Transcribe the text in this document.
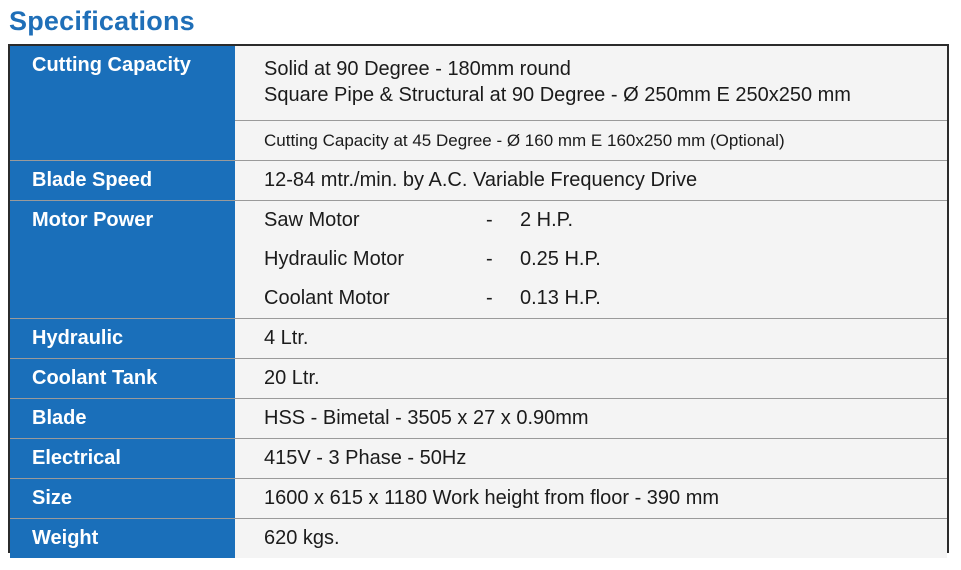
Specifications
Cutting Capacity	Solid at 90 Degree - 180mm round
Square Pipe & Structural at 90 Degree - Ø 250mm E 250x250 mm
Cutting Capacity at 45 Degree - Ø 160 mm E 160x250 mm (Optional)
Blade Speed	12-84 mtr./min. by A.C. Variable Frequency Drive
Motor Power	Saw Motor	-	2 H.P.
Hydraulic Motor	-	0.25 H.P.
Coolant Motor	-	0.13 H.P.
Hydraulic	4 Ltr.
Coolant Tank	20 Ltr.
Blade	HSS - Bimetal - 3505 x 27 x 0.90mm
Electrical	415V - 3 Phase - 50Hz
Size	1600 x 615 x 1180 Work height from floor - 390 mm
Weight	620 kgs.
